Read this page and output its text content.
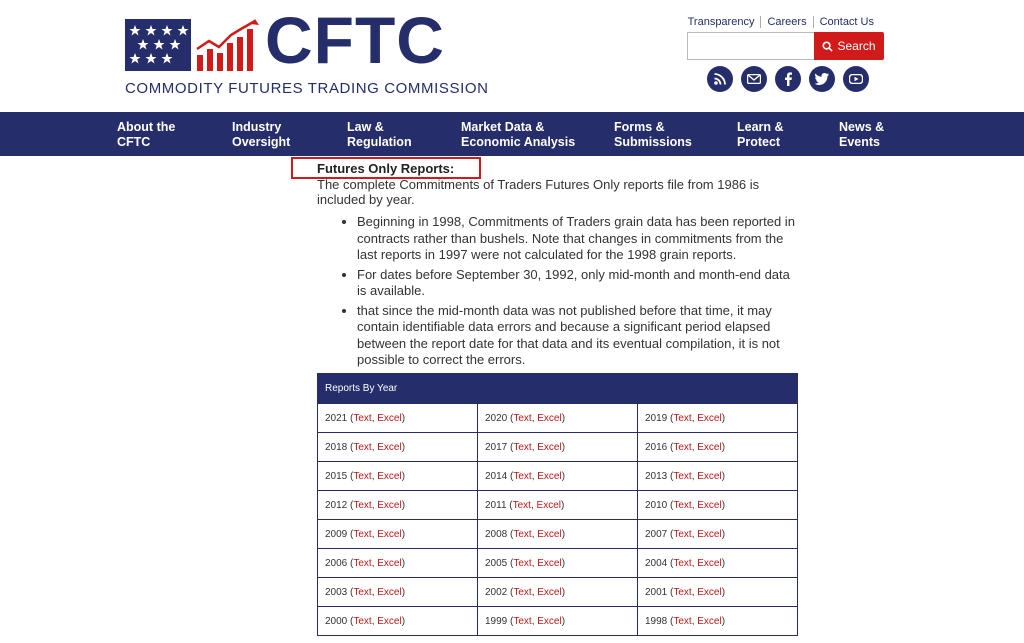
CFTC
COMMODITY FUTURES TRADING COMMISSION
Transparency	Careers	Contact Us
Search
About the
CFTC
Industry
Oversight
Law &
Regulation
Market Data &
Economic Analysis
Forms &
Submissions
Learn &
Protect
News &
Events
Futures Only Reports:

The complete Commitments of Traders Futures Only reports file from 1986 is included by year.

• Beginning in 1998, Commitments of Traders grain data has been reported in contracts rather than bushels. Note that changes in commitments from the last reports in 1997 were not calculated for the 1998 grain reports.
• For dates before September 30, 1992, only mid-month and month-end data is available.
• that since the mid-month data was not published before that time, it may contain identifiable data errors and because a significant period elapsed between the report date for that data and its eventual compilation, it is not possible to correct the errors.
Reports By Year		
2021 (Text, Excel)	2020 (Text, Excel)	2019 (Text, Excel)
2018 (Text, Excel)	2017 (Text, Excel)	2016 (Text, Excel)
2015 (Text, Excel)	2014 (Text, Excel)	2013 (Text, Excel)
2012 (Text, Excel)	2011 (Text, Excel)	2010 (Text, Excel)
2009 (Text, Excel)	2008 (Text, Excel)	2007 (Text, Excel)
2006 (Text, Excel)	2005 (Text, Excel)	2004 (Text, Excel)
2003 (Text, Excel)	2002 (Text, Excel)	2001 (Text, Excel)
2000 (Text, Excel)	1999 (Text, Excel)	1998 (Text, Excel)
